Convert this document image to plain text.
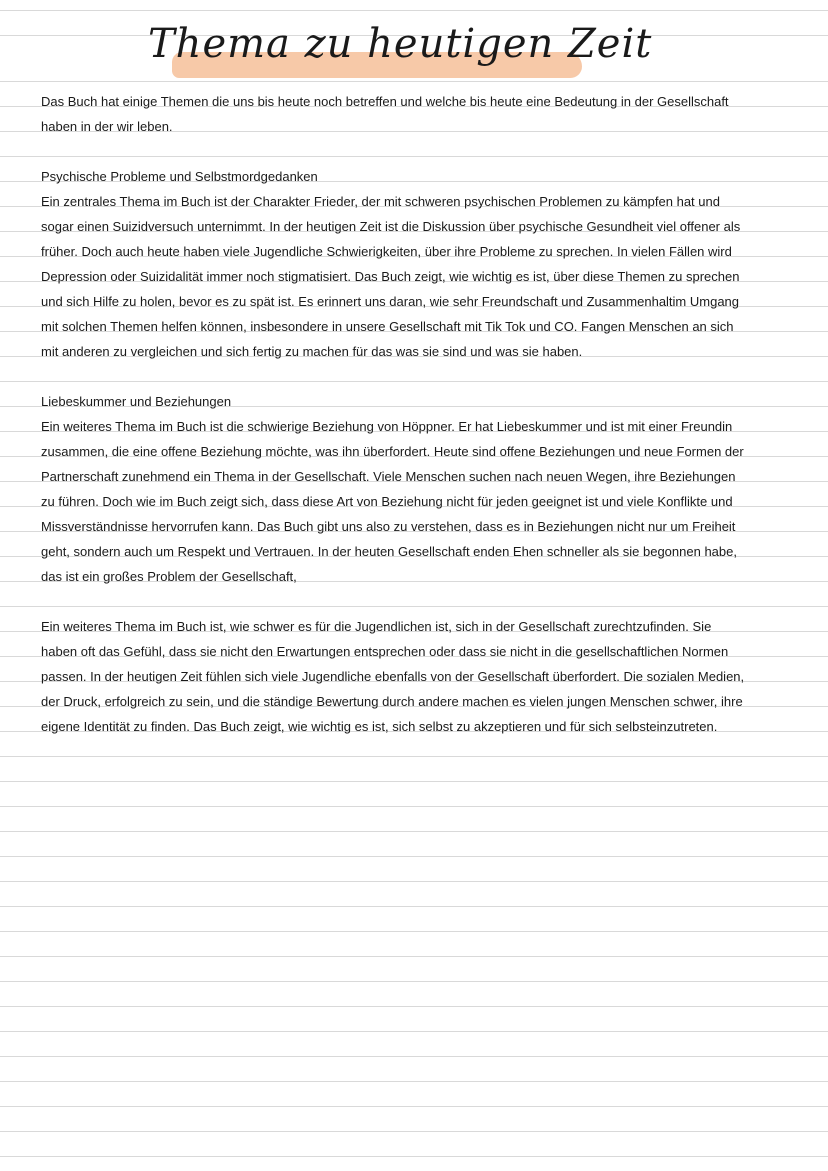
Thema zu heutigen Zeit

Das Buch hat einige Themen die uns bis heute noch betreffen und welche bis heute eine Bedeutung in der Gesellschaft

haben in der wir leben.

Psychische Probleme und Selbstmordgedanken

Ein zentrales Thema im Buch ist der Charakter Frieder, der mit schweren psychischen Problemen zu kämpfen hat und

sogar einen Suizidversuch unternimmt. In der heutigen Zeit ist die Diskussion über psychische Gesundheit viel offener als

früher. Doch auch heute haben viele Jugendliche Schwierigkeiten, über ihre Probleme zu sprechen. In vielen Fällen wird

Depression oder Suizidalität immer noch stigmatisiert. Das Buch zeigt, wie wichtig es ist, über diese Themen zu sprechen

und sich Hilfe zu holen, bevor es zu spät ist. Es erinnert uns daran, wie sehr Freundschaft und Zusammenhaltim Umgang

mit solchen Themen helfen können, insbesondere in unsere Gesellschaft mit Tik Tok und CO. Fangen Menschen an sich

mit anderen zu vergleichen und sich fertig zu machen für das was sie sind und was sie haben.

Liebeskummer und Beziehungen

Ein weiteres Thema im Buch ist die schwierige Beziehung von Höppner. Er hat Liebeskummer und ist mit einer Freundin

zusammen, die eine offene Beziehung möchte, was ihn überfordert. Heute sind offene Beziehungen und neue Formen der

Partnerschaft zunehmend ein Thema in der Gesellschaft. Viele Menschen suchen nach neuen Wegen, ihre Beziehungen

zu führen. Doch wie im Buch zeigt sich, dass diese Art von Beziehung nicht für jeden geeignet ist und viele Konflikte und

Missverständnisse hervorrufen kann. Das Buch gibt uns also zu verstehen, dass es in Beziehungen nicht nur um Freiheit

geht, sondern auch um Respekt und Vertrauen. In der heuten Gesellschaft enden Ehen schneller als sie begonnen habe,

das ist ein großes Problem der Gesellschaft,

Ein weiteres Thema im Buch ist, wie schwer es für die Jugendlichen ist, sich in der Gesellschaft zurechtzufinden. Sie

haben oft das Gefühl, dass sie nicht den Erwartungen entsprechen oder dass sie nicht in die gesellschaftlichen Normen

passen. In der heutigen Zeit fühlen sich viele Jugendliche ebenfalls von der Gesellschaft überfordert. Die sozialen Medien,

der Druck, erfolgreich zu sein, und die ständige Bewertung durch andere machen es vielen jungen Menschen schwer, ihre

eigene Identität zu finden. Das Buch zeigt, wie wichtig es ist, sich selbst zu akzeptieren und für sich selbsteinzutreten.
